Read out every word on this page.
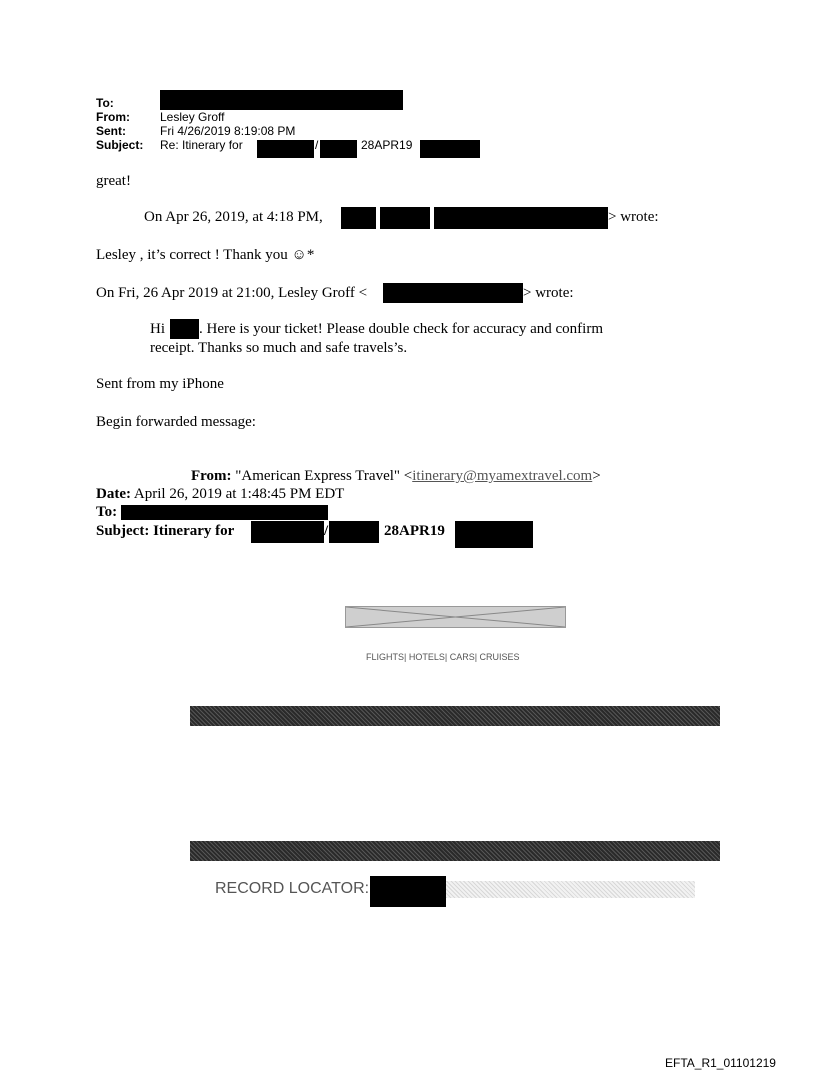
To:
From:	Lesley Groff
Sent:	Fri 4/26/2019 8:19:08 PM
Subject: Re: Itinerary for	/	28APR19
great!
On Apr 26, 2019, at 4:18 PM,	> wrote:
Lesley , it’s correct ! Thank you ☺*
On Fri, 26 Apr 2019 at 21:00, Lesley Groff <	> wrote:
Hi . Here is your ticket! Please double check for accuracy and confirm
receipt. Thanks so much and safe travels’s.
Sent from my iPhone
Begin forwarded message:
From: "American Express Travel" <itinerary@myamextravel.com>
Date: April 26, 2019 at 1:48:45 PM EDT
To:
Subject: Itinerary for	/	28APR19
FLIGHTS| HOTELS| CARS| CRUISES
RECORD LOCATOR:
EFTA_R1_01101219
